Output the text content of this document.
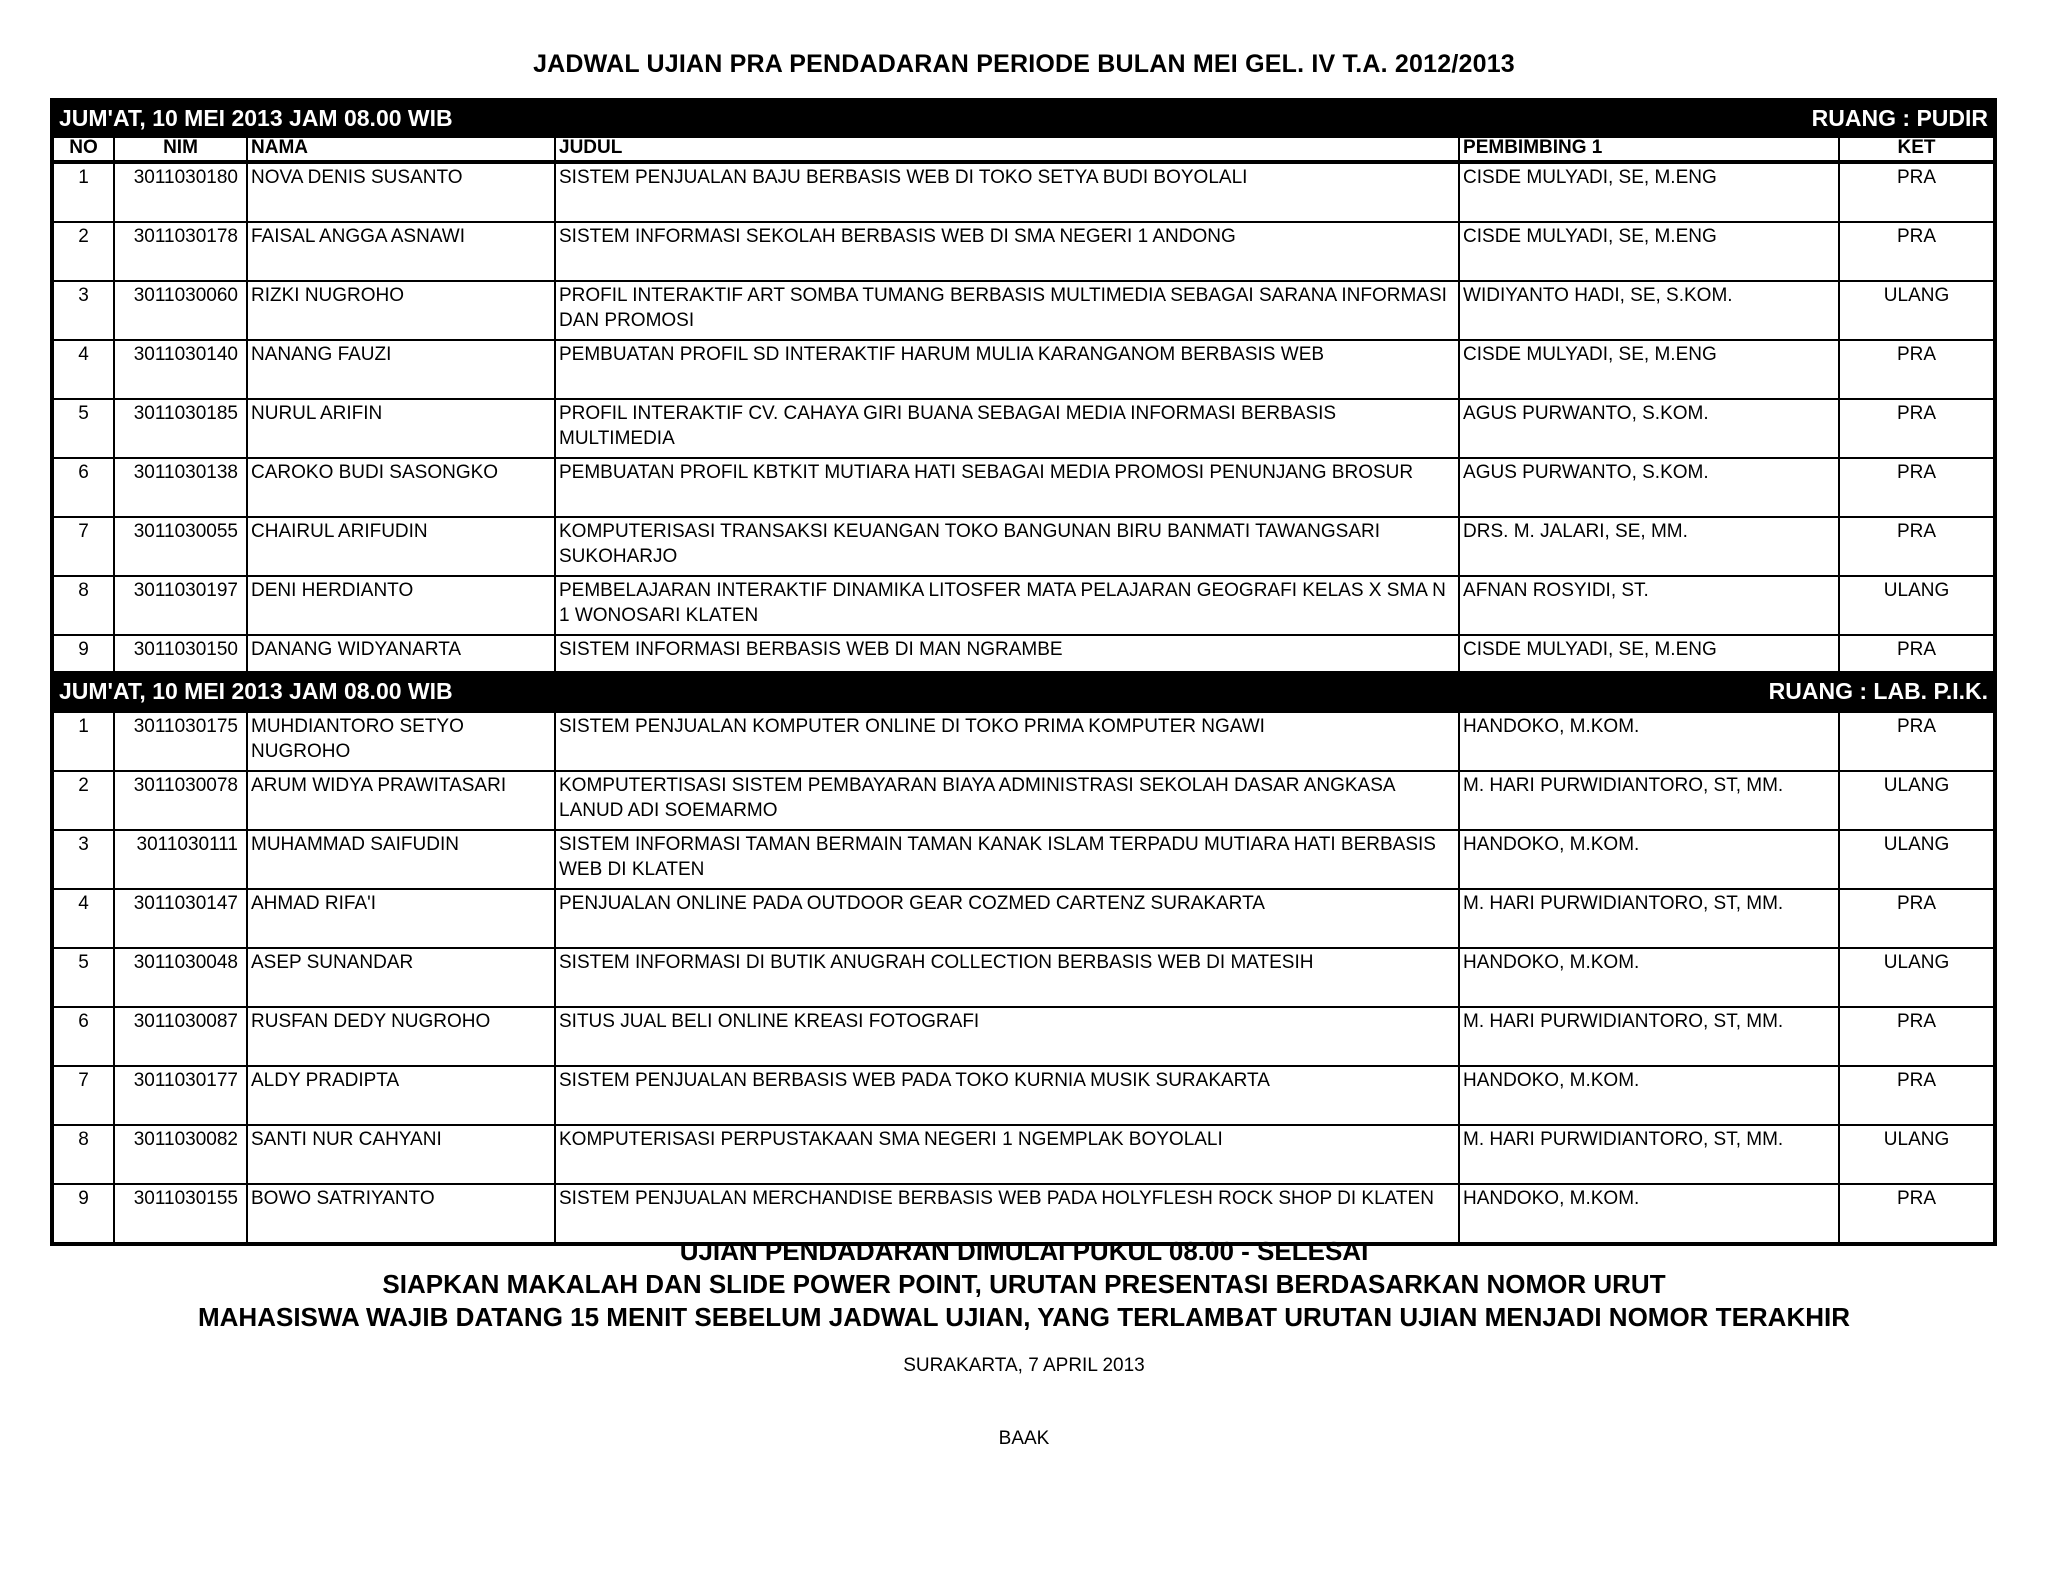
JADWAL UJIAN PRA PENDADARAN PERIODE BULAN MEI GEL. IV T.A. 2012/2013
JUM'AT, 10 MEI 2013 JAM 08.00 WIB				RUANG : PUDIR	
NO	NIM	NAMA	JUDUL	PEMBIMBING 1	KET
1	3011030180	NOVA DENIS SUSANTO	SISTEM PENJUALAN BAJU BERBASIS WEB DI TOKO SETYA BUDI BOYOLALI	CISDE MULYADI, SE, M.ENG	PRA
2	3011030178	FAISAL ANGGA ASNAWI	SISTEM INFORMASI SEKOLAH BERBASIS WEB DI SMA NEGERI 1 ANDONG	CISDE MULYADI, SE, M.ENG	PRA
3	3011030060	RIZKI NUGROHO	PROFIL INTERAKTIF ART SOMBA TUMANG BERBASIS MULTIMEDIA SEBAGAI SARANA INFORMASI DAN PROMOSI	WIDIYANTO HADI, SE, S.KOM.	ULANG
4	3011030140	NANANG FAUZI	PEMBUATAN PROFIL SD INTERAKTIF HARUM MULIA KARANGANOM BERBASIS WEB	CISDE MULYADI, SE, M.ENG	PRA
5	3011030185	NURUL ARIFIN	PROFIL INTERAKTIF CV. CAHAYA GIRI BUANA SEBAGAI MEDIA INFORMASI BERBASIS MULTIMEDIA	AGUS PURWANTO, S.KOM.	PRA
6	3011030138	CAROKO BUDI SASONGKO	PEMBUATAN PROFIL KBTKIT MUTIARA HATI SEBAGAI MEDIA PROMOSI PENUNJANG BROSUR	AGUS PURWANTO, S.KOM.	PRA
7	3011030055	CHAIRUL ARIFUDIN	KOMPUTERISASI TRANSAKSI KEUANGAN TOKO BANGUNAN BIRU BANMATI TAWANGSARI SUKOHARJO	DRS. M. JALARI, SE, MM.	PRA
8	3011030197	DENI HERDIANTO	PEMBELAJARAN INTERAKTIF DINAMIKA LITOSFER MATA PELAJARAN GEOGRAFI KELAS X SMA N 1 WONOSARI KLATEN	AFNAN ROSYIDI, ST.	ULANG
9	3011030150	DANANG WIDYANARTA	SISTEM INFORMASI BERBASIS WEB DI MAN NGRAMBE	CISDE MULYADI, SE, M.ENG	PRA
JUM'AT, 10 MEI 2013 JAM 08.00 WIB				RUANG : LAB. P.I.K.	
1	3011030175	MUHDIANTORO SETYO NUGROHO	SISTEM PENJUALAN KOMPUTER ONLINE DI TOKO PRIMA KOMPUTER NGAWI	HANDOKO, M.KOM.	PRA
2	3011030078	ARUM WIDYA PRAWITASARI	KOMPUTERTISASI SISTEM PEMBAYARAN BIAYA ADMINISTRASI SEKOLAH DASAR ANGKASA LANUD ADI SOEMARMO	M. HARI PURWIDIANTORO, ST, MM.	ULANG
3	3011030111	MUHAMMAD SAIFUDIN	SISTEM INFORMASI TAMAN BERMAIN TAMAN KANAK ISLAM TERPADU MUTIARA HATI BERBASIS WEB DI KLATEN	HANDOKO, M.KOM.	ULANG
4	3011030147	AHMAD RIFA'I	PENJUALAN ONLINE PADA OUTDOOR GEAR COZMED CARTENZ SURAKARTA	M. HARI PURWIDIANTORO, ST, MM.	PRA
5	3011030048	ASEP SUNANDAR	SISTEM INFORMASI DI BUTIK ANUGRAH COLLECTION BERBASIS WEB DI MATESIH	HANDOKO, M.KOM.	ULANG
6	3011030087	RUSFAN DEDY NUGROHO	SITUS JUAL BELI ONLINE KREASI FOTOGRAFI	M. HARI PURWIDIANTORO, ST, MM.	PRA
7	3011030177	ALDY PRADIPTA	SISTEM PENJUALAN BERBASIS WEB PADA TOKO KURNIA MUSIK SURAKARTA	HANDOKO, M.KOM.	PRA
8	3011030082	SANTI NUR CAHYANI	KOMPUTERISASI PERPUSTAKAAN SMA NEGERI 1 NGEMPLAK BOYOLALI	M. HARI PURWIDIANTORO, ST, MM.	ULANG
9	3011030155	BOWO SATRIYANTO	SISTEM PENJUALAN MERCHANDISE BERBASIS WEB PADA HOLYFLESH ROCK SHOP DI KLATEN	HANDOKO, M.KOM.	PRA
UJIAN PENDADARAN DIMULAI PUKUL 08.00 - SELESAI
SIAPKAN MAKALAH DAN SLIDE POWER POINT, URUTAN PRESENTASI BERDASARKAN NOMOR URUT
MAHASISWA WAJIB DATANG 15 MENIT SEBELUM JADWAL UJIAN, YANG TERLAMBAT URUTAN UJIAN MENJADI NOMOR TERAKHIR
SURAKARTA, 7 APRIL 2013
BAAK
